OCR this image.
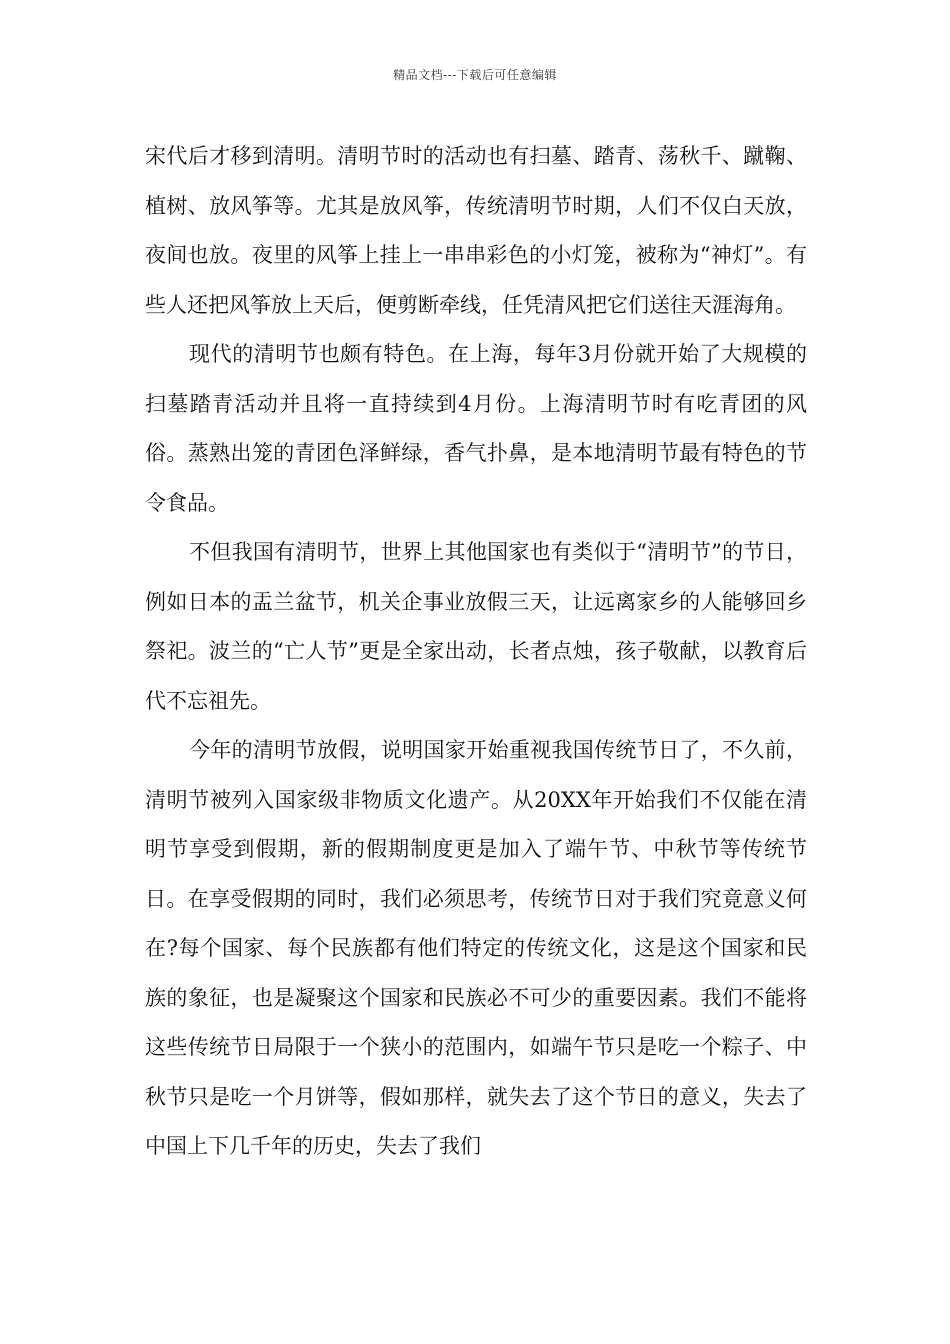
精品文档---下载后可任意编辑

宋代后才移到清明。清明节时的活动也有扫墓、踏青、荡秋千、蹴鞠、植树、放风筝等。尤其是放风筝，传统清明节时期，人们不仅白天放，夜间也放。夜里的风筝上挂上一串串彩色的小灯笼，被称为“神灯”。有些人还把风筝放上天后，便剪断牵线，任凭清风把它们送往天涯海角。

现代的清明节也颇有特色。在上海，每年3月份就开始了大规模的扫墓踏青活动并且将一直持续到4月份。上海清明节时有吃青团的风俗。蒸熟出笼的青团色泽鲜绿，香气扑鼻，是本地清明节最有特色的节令食品。

不但我国有清明节，世界上其他国家也有类似于“清明节”的节日，例如日本的盂兰盆节，机关企事业放假三天，让远离家乡的人能够回乡祭祀。波兰的“亡人节”更是全家出动，长者点烛，孩子敬献，以教育后代不忘祖先。

今年的清明节放假，说明国家开始重视我国传统节日了，不久前，清明节被列入国家级非物质文化遗产。从20XX年开始我们不仅能在清明节享受到假期，新的假期制度更是加入了端午节、中秋节等传统节日。在享受假期的同时，我们必须思考，传统节日对于我们究竟意义何在?每个国家、每个民族都有他们特定的传统文化，这是这个国家和民族的象征，也是凝聚这个国家和民族必不可少的重要因素。我们不能将这些传统节日局限于一个狭小的范围内，如端午节只是吃一个粽子、中秋节只是吃一个月饼等，假如那样，就失去了这个节日的意义，失去了中国上下几千年的历史，失去了我们
